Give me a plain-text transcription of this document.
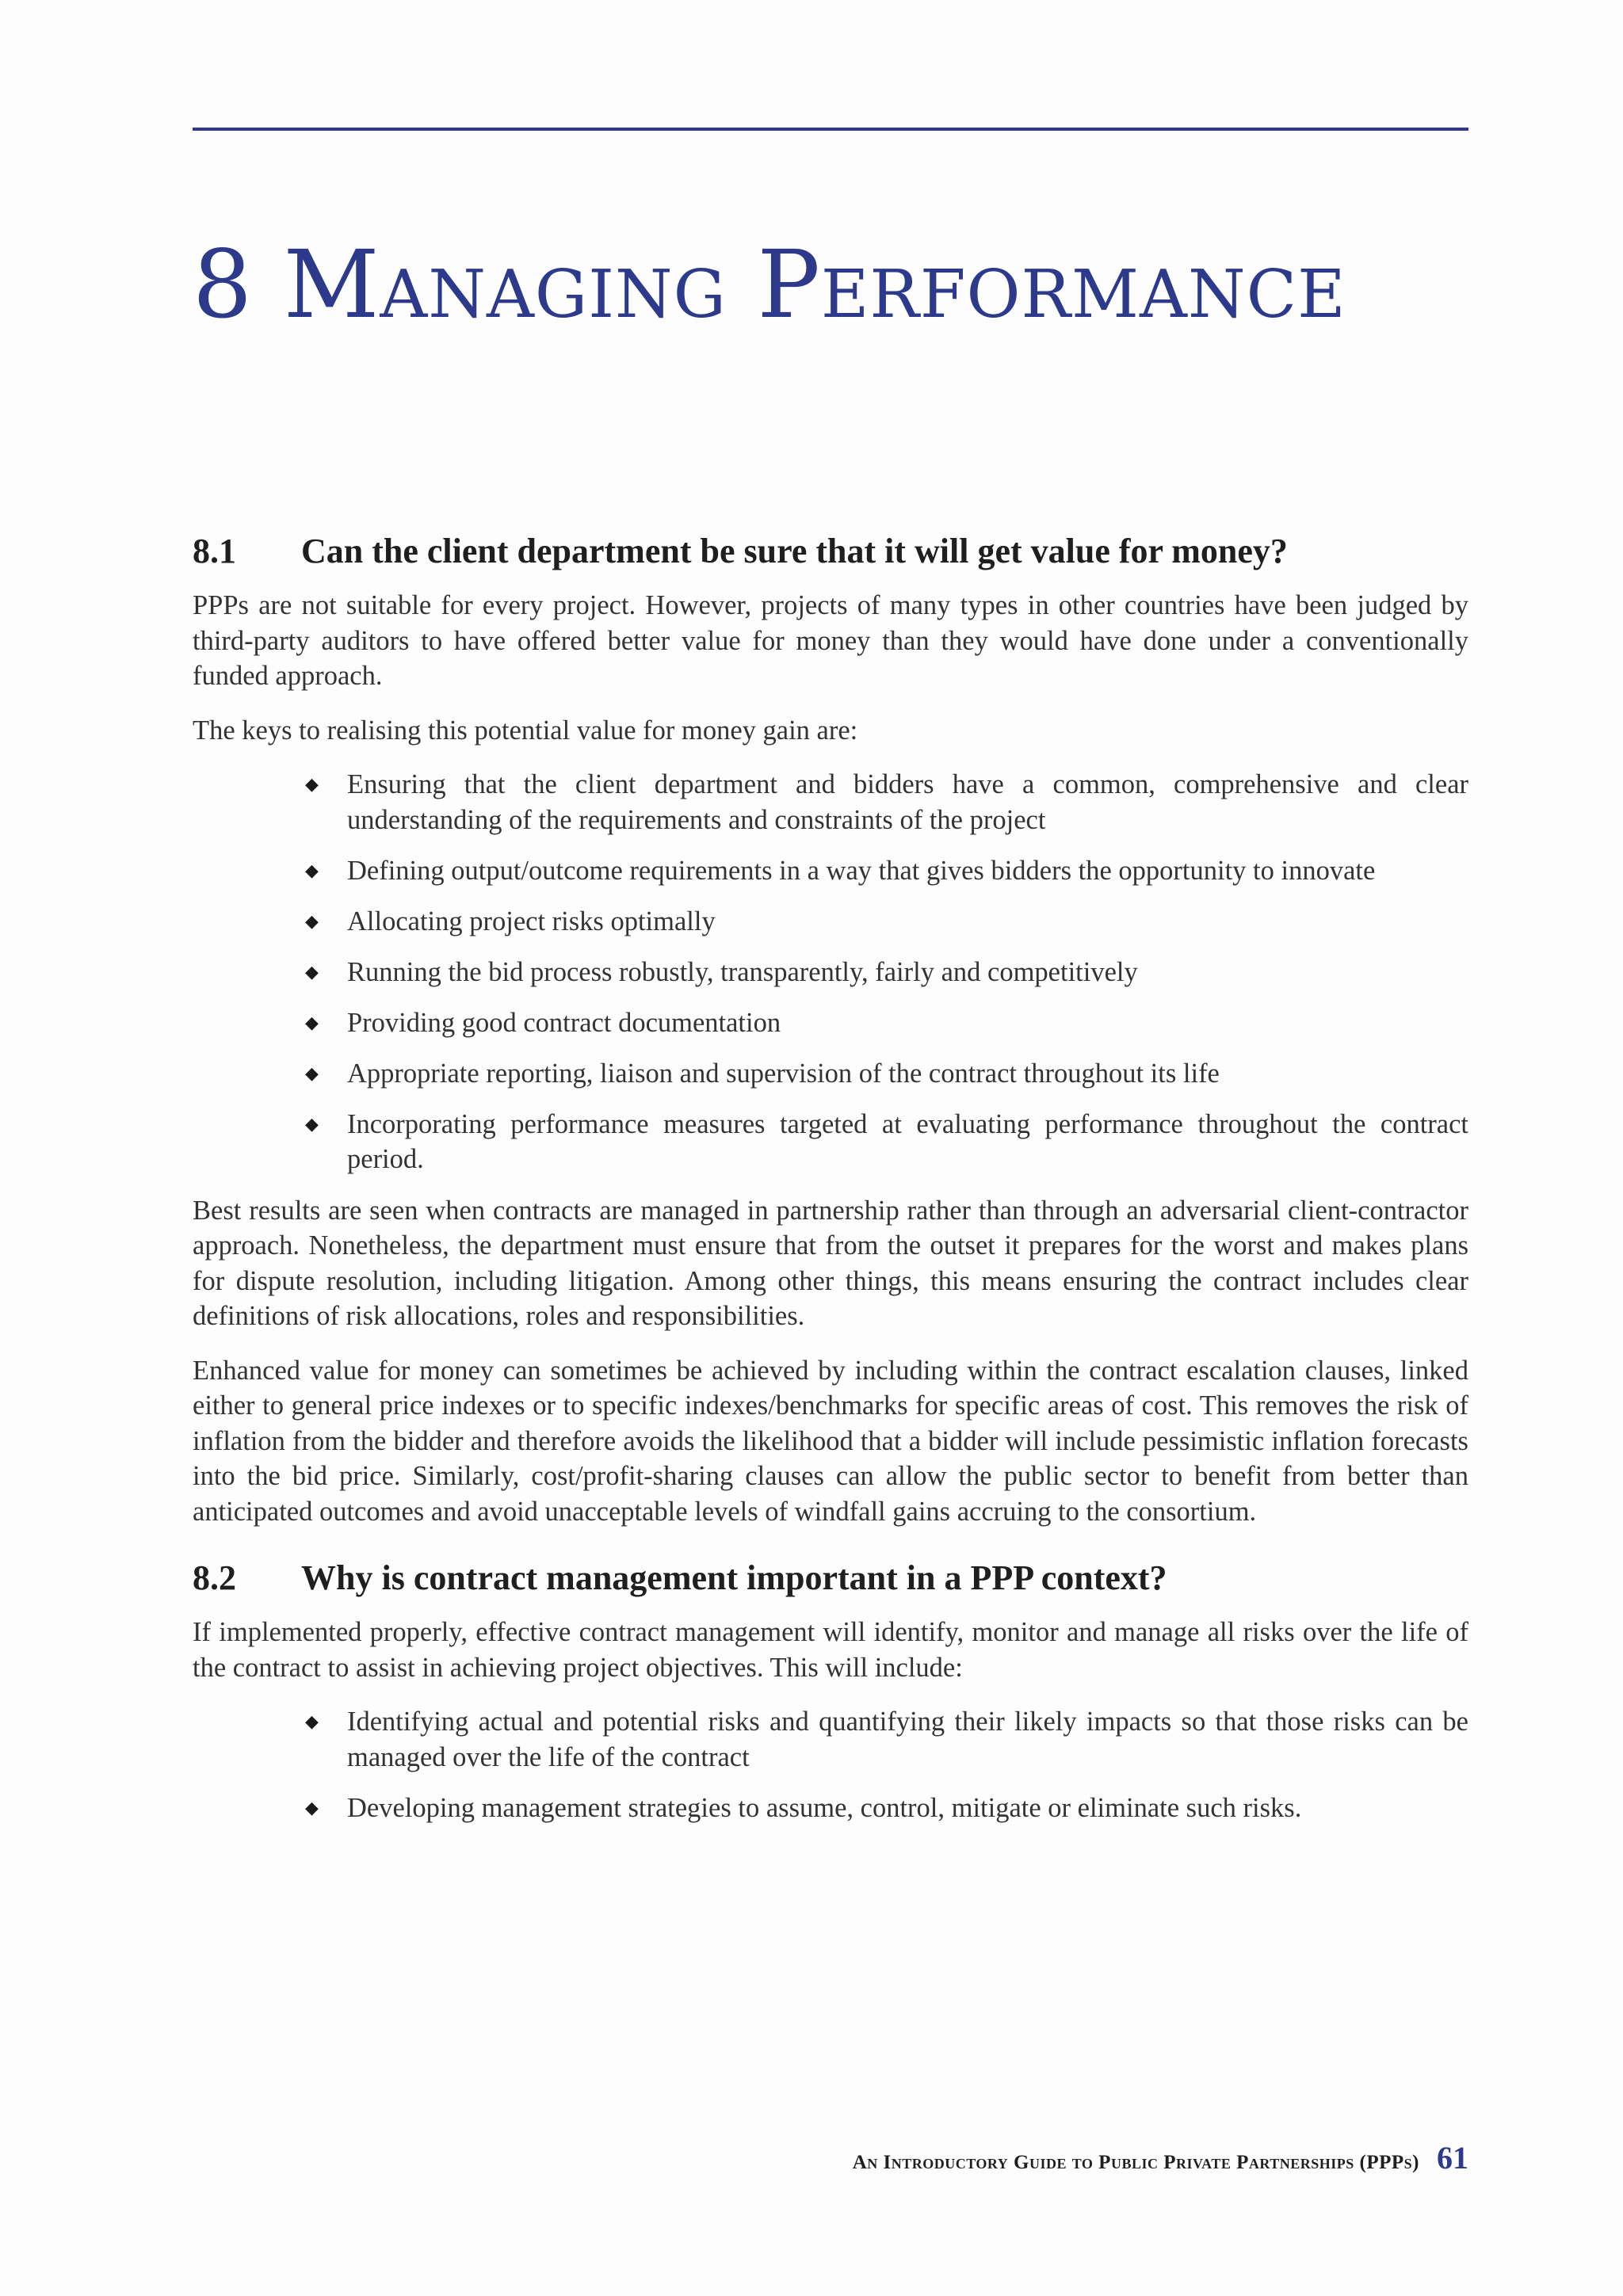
8 Managing Performance
8.1	Can the client department be sure that it will get value for money?

PPPs are not suitable for every project. However, projects of many types in other countries have been judged by third-party auditors to have offered better value for money than they would have done under a conventionally funded approach.

The keys to realising this potential value for money gain are:

◆ Ensuring that the client department and bidders have a common, comprehensive and clear understanding of the requirements and constraints of the project
◆ Defining output/outcome requirements in a way that gives bidders the opportunity to innovate
◆ Allocating project risks optimally
◆ Running the bid process robustly, transparently, fairly and competitively
◆ Providing good contract documentation
◆ Appropriate reporting, liaison and supervision of the contract throughout its life
◆ Incorporating performance measures targeted at evaluating performance throughout the contract period.

Best results are seen when contracts are managed in partnership rather than through an adversarial client-contractor approach. Nonetheless, the department must ensure that from the outset it prepares for the worst and makes plans for dispute resolution, including litigation. Among other things, this means ensuring the contract includes clear definitions of risk allocations, roles and responsibilities.

Enhanced value for money can sometimes be achieved by including within the contract escalation clauses, linked either to general price indexes or to specific indexes/benchmarks for specific areas of cost. This removes the risk of inflation from the bidder and therefore avoids the likelihood that a bidder will include pessimistic inflation forecasts into the bid price. Similarly, cost/profit-sharing clauses can allow the public sector to benefit from better than anticipated outcomes and avoid unacceptable levels of windfall gains accruing to the consortium.

8.2	Why is contract management important in a PPP context?

If implemented properly, effective contract management will identify, monitor and manage all risks over the life of the contract to assist in achieving project objectives. This will include:

◆ Identifying actual and potential risks and quantifying their likely impacts so that those risks can be managed over the life of the contract
◆ Developing management strategies to assume, control, mitigate or eliminate such risks.
An Introductory Guide to Public Private Partnerships (PPPs) 61
